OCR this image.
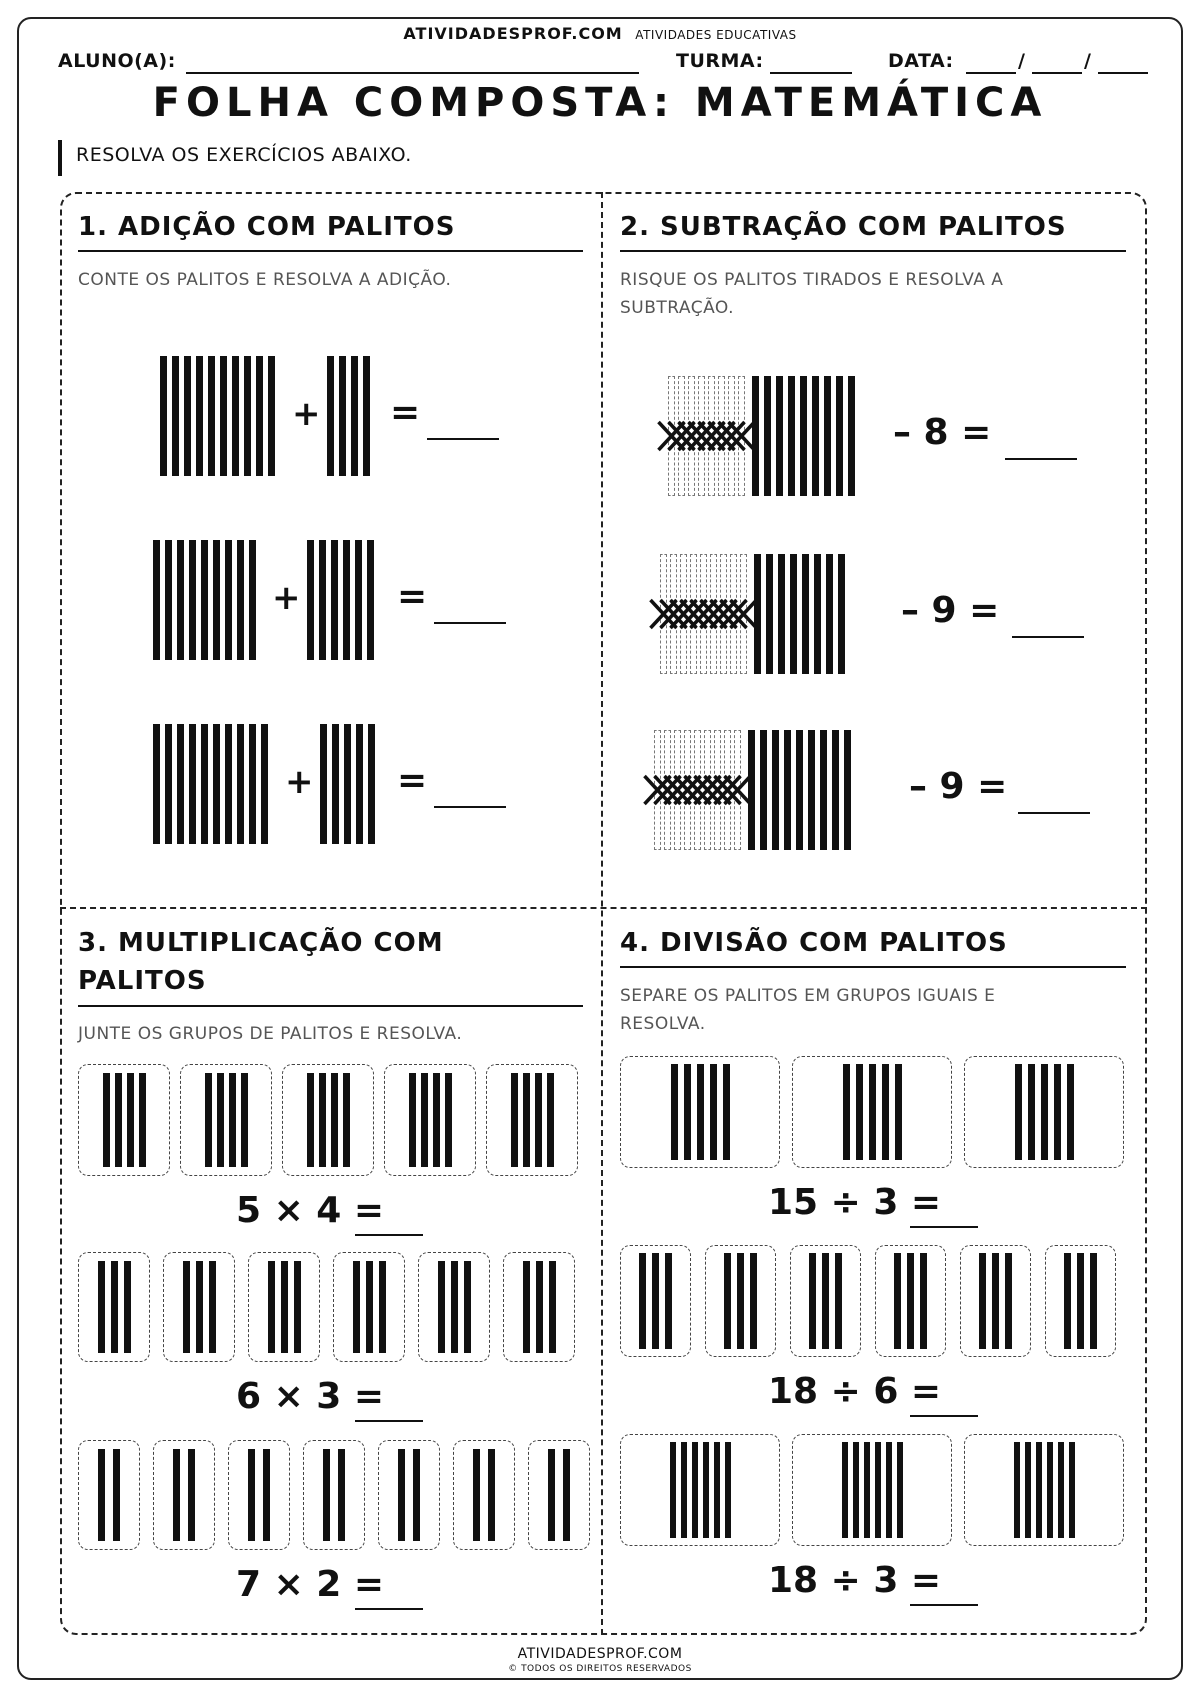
ATIVIDADESPROF.COM ATIVIDADES EDUCATIVAS
ALUNO(A):	TURMA:	DATA:	/	/
FOLHA COMPOSTA: MATEMÁTICA
RESOLVA OS EXERCÍCIOS ABAIXO.
1. ADIÇÃO COM PALITOS
CONTE OS PALITOS E RESOLVA A ADIÇÃO.
+ =
+	=
+ =
2. SUBTRAÇÃO COM PALITOS
RISQUE OS PALITOS TIRADOS E RESOLVA A SUBTRAÇÃO.
– 8 =
– 9 =
– 9 =
3. MULTIPLICAÇÃO COM PALITOS
JUNTE OS GRUPOS DE PALITOS E RESOLVA.
5 × 4 =
6 × 3 =
7 × 2 =
4. DIVISÃO COM PALITOS
SEPARE OS PALITOS EM GRUPOS IGUAIS E RESOLVA.
15 ÷ 3 =
18 ÷ 6 =
18 ÷ 3 =
ATIVIDADESPROF.COM
© TODOS OS DIREITOS RESERVADOS
